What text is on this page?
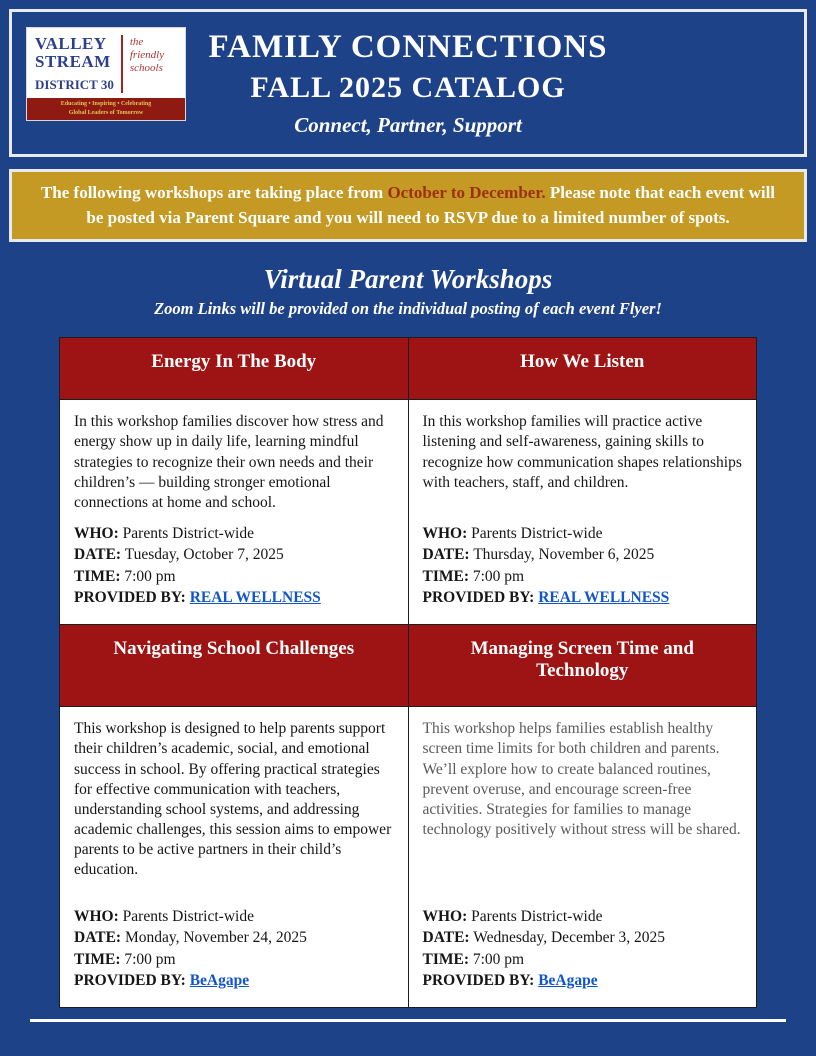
VALLEY
STREAM
DISTRICT 30
the
friendly
schools
Educating • Inspiring • Celebrating
Global Leaders of Tomorrow
FAMILY CONNECTIONS
FALL 2025 CATALOG
Connect, Partner, Support
The following workshops are taking place from October to December. Please note that each event will be posted via Parent Square and you will need to RSVP due to a limited number of spots.
Virtual Parent Workshops
Zoom Links will be provided on the individual posting of each event Flyer!
Energy In The Body	How We Listen

In this workshop families discover how stress and energy show up in daily life, learning mindful strategies to recognize their own needs and their children’s — building stronger emotional connections at home and school.
WHO: Parents District-wide
DATE: Tuesday, October 7, 2025
TIME: 7:00 pm
PROVIDED BY: REAL WELLNESS

In this workshop families will practice active listening and self-awareness, gaining skills to recognize how communication shapes relationships with teachers, staff, and children.
WHO: Parents District-wide
DATE: Thursday, November 6, 2025
TIME: 7:00 pm
PROVIDED BY: REAL WELLNESS

Navigating School Challenges	Managing Screen Time and Technology

This workshop is designed to help parents support their children’s academic, social, and emotional success in school. By offering practical strategies for effective communication with teachers, understanding school systems, and addressing academic challenges, this session aims to empower parents to be active partners in their child’s education.
WHO: Parents District-wide
DATE: Monday, November 24, 2025
TIME: 7:00 pm
PROVIDED BY: BeAgape

This workshop helps families establish healthy screen time limits for both children and parents. We’ll explore how to create balanced routines, prevent overuse, and encourage screen-free activities. Strategies for families to manage technology positively without stress will be shared.
WHO: Parents District-wide
DATE: Wednesday, December 3, 2025
TIME: 7:00 pm
PROVIDED BY: BeAgape
